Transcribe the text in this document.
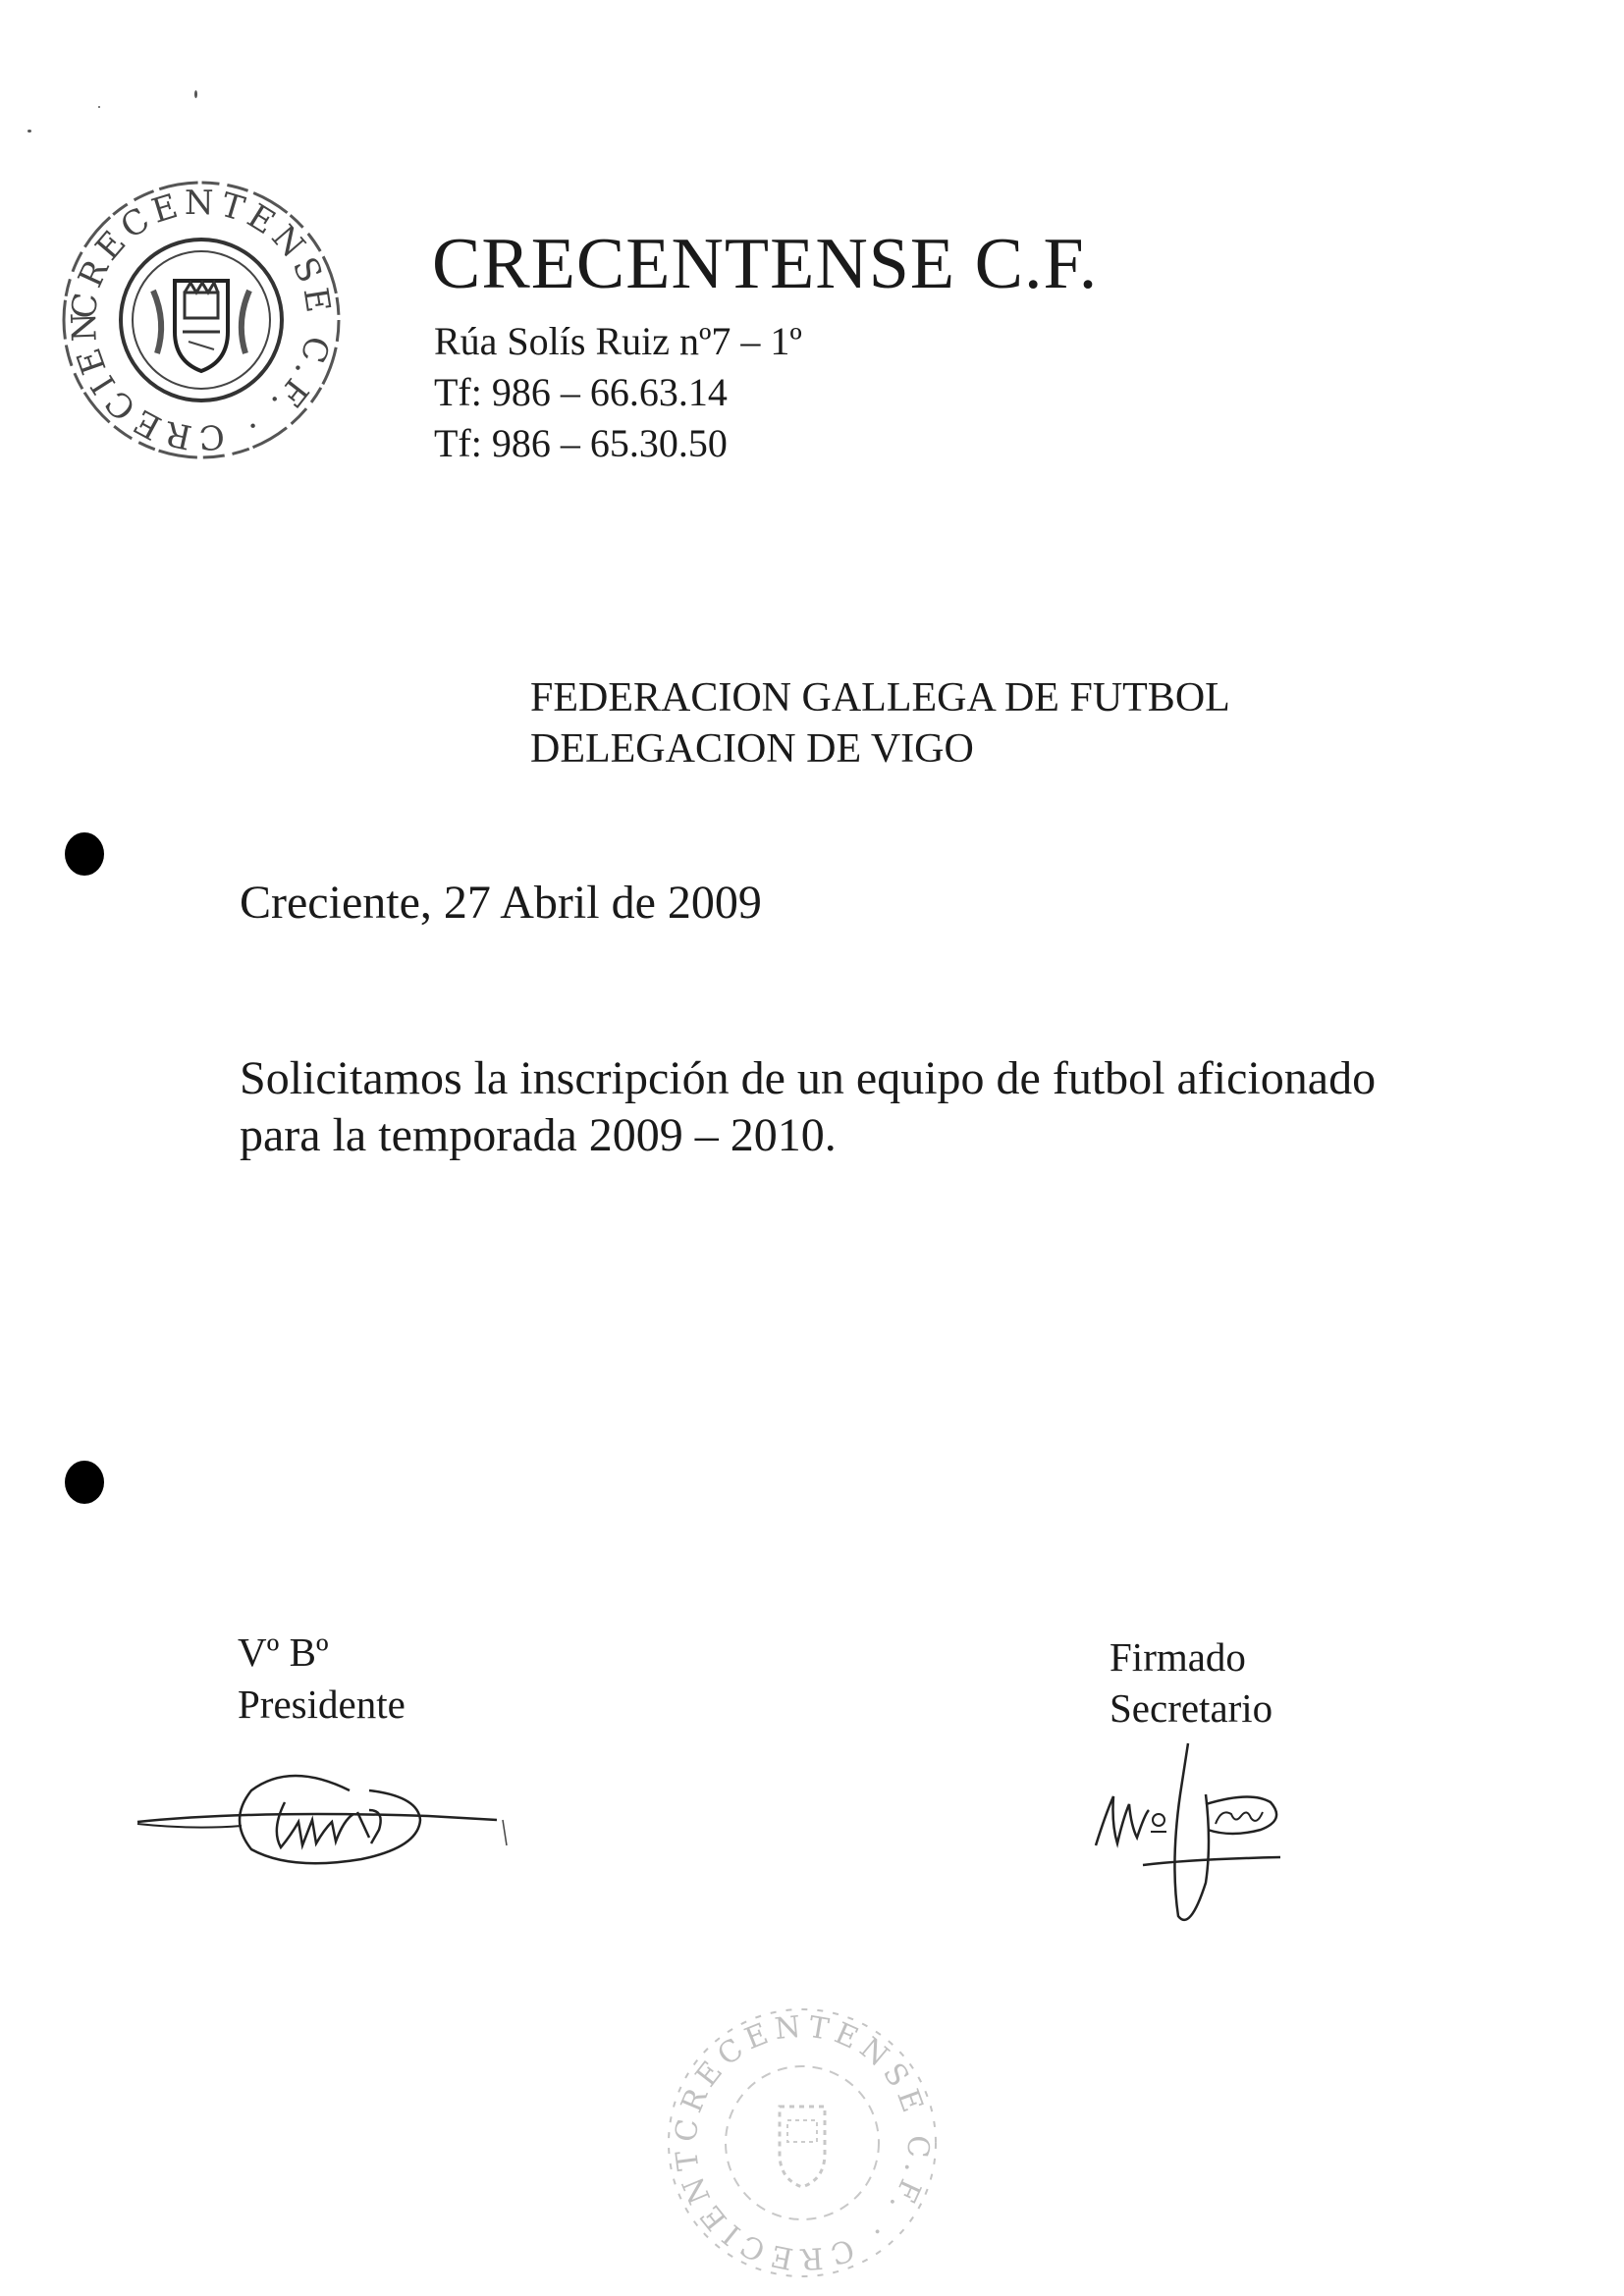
CRECENTENSE C.F. · CRECIENTE
CRECENTENSE C.F.
Rúa Solís Ruiz nº7 – 1º
Tf: 986 – 66.63.14
Tf: 986 – 65.30.50
FEDERACION GALLEGA DE FUTBOL
DELEGACION DE VIGO
Creciente, 27 Abril de 2009
Solicitamos la inscripción de un equipo de futbol aficionado
para la temporada 2009 – 2010.
Vº Bº
Presidente
Firmado
Secretario
CRECENTENSE C.F. · CRECIENTE
